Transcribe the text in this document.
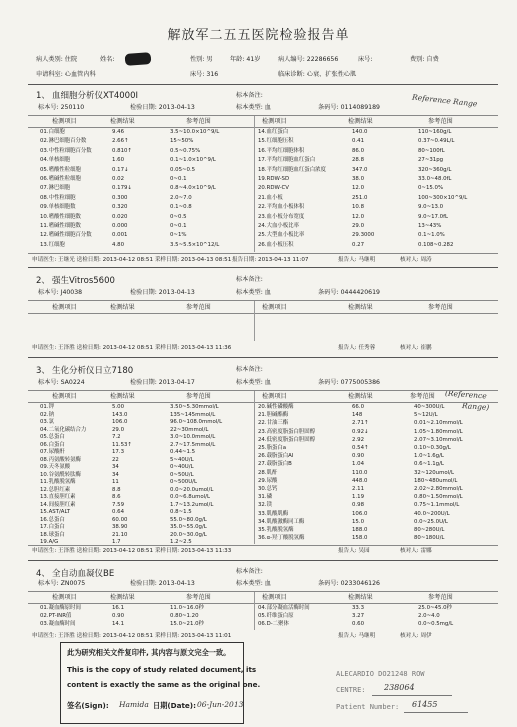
解放军二五五医院检验报告单
病人类别: 住院	姓名:	性别: 男	年龄: 41岁	病人编号: 22286656	床号:	费别: 自费
申请科室: 心血管内科	床号: 316	临床诊断: 心衰、扩张性心肌
1、 血细胞分析仪XT4000I	标本备注:
标本号: 250110	检验日期: 2013-04-13	标本类型: 血	条码号: 0114089189	Reference Range
检测项目	检测结果	参考范围	检测项目	检测结果	参考范围
01.白细胞	9.46	3.5~10.0×10^9/L
02.淋巴细胞百分数	2.66↑	15~50%
03.中性粒细胞百分数	0.810↑	0.5~0.75%
04.单核细胞	1.60	0.1~1.0×10^9/L
05.嗜酸性粒细胞	0.17↓	0.05~0.5
06.嗜碱性粒细胞	0.02	0~0.1
07.淋巴细胞	0.179↓	0.8~4.0×10^9/L
08.中性粒细胞	0.300	2.0~7.0
09.单核细胞数	0.320	0.1~0.8
10.嗜酸性细胞数	0.020	0~0.5
11.嗜碱性细胞数	0.000	0~0.1
12.嗜碱性细胞百分数	0.001	0~1%
13.红细胞	4.80	3.5~5.5×10^12/L
14.血红蛋白	140.0	110~160g/L
15.红细胞压积	0.41	0.37~0.49L/L
16.平均红细胞体积	86.0	80~100fL
17.平均红细胞血红蛋白	28.8	27~31pg
18.平均红细胞血红蛋白浓度	347.0	320~360g/L
19.RDW-SD	38.0	33.0~48.0fL
20.RDW-CV	12.0	0~15.0%
21.血小板	251.0	100~300×10^9/L
22.平均血小板体积	10.8	9.0~13.0
23.血小板分布宽度	12.0	9.0~17.0fL
24.大血小板比率	29.0	13~43%
25.大型血小板比率	29.3000	0.1~1.0%
26.血小板压积	0.27	0.108~0.282
申请医生: 王继光 送检日期: 2013-04-12 08:51 采样日期: 2013-04-13 08:51 报告日期: 2013-04-13 11:07	报告人: 马继明	核对人: 周涛
2、 强生Vitros5600	标本备注:
标本号: J40038	检验日期: 2013-04-13	标本类型: 血	条码号: 0444420619
检测项目	检测结果	参考范围	检测项目	检测结果	参考范围
申请医生: 王泽胜 送检日期: 2013-04-12 08:51 采样日期: 2013-04-13 11:36	报告人: 任秀蓉	核对人: 崔鹏
3、 生化分析仪日立7180	标本备注:
标本号: SA0224	检验日期: 2013-04-17	标本类型: 血	条码号: 0775005386
(Reference
Range)
检测项目	检测结果	参考范围	检测项目	检测结果	参考范围
01.钾	5.00	3.50~5.30mmol/L
02.钠	143.0	135~145mmol/L
03.氯	106.0	96.0~108.0mmol/L
04.二氧化碳结合力	29.0	22~30mmol/L
05.总蛋白	7.2	3.0~10.0mmol/L
06.白蛋白	11.53↑	2.7~17.5mmol/L
07.尿酸酐	17.3	0.44~1.5
08.丙氨酸转氨酶	22	5~40U/L
09.天冬氨酸	34	0~40U/L
10.谷氨酰转肽酶	34	0~50U/L
11.乳酸脱氢酶	11	0~500U/L
12.总胆红素	8.8	0.0~20.0umol/L
13.直接胆红素	8.6	0.0~6.8umol/L
14.间接胆红素	7.59	1.7~13.2umol/L
15.AST/ALT	0.64	0.8~1.5
16.总蛋白	60.00	55.0~80.0g/L
17.白蛋白	38.90	35.0~55.0g/L
18.球蛋白	21.10	20.0~30.0g/L
19.A/G	1.7	1.2~2.5
20.碱性磷酸酶	66.0	40~300U/L
21.胆碱酯酶	148	5~12U/L
22.甘油三酯	2.71↑	0.01~2.10mmol/L
23.高密度脂蛋白胆固醇	0.92↓	1.05~1.80mmol/L
24.低密度脂蛋白胆固醇	2.92	2.07~3.10mmol/L
25.脂蛋白a	0.54↑	0.10~0.30g/L
26.载脂蛋白AI	0.90	1.0~1.6g/L
27.载脂蛋白B	1.04	0.6~1.1g/L
28.肌酐	110.0	32~120umol/L
29.尿酸	448.0	180~480umol/L
30.总钙	2.11	2.02~2.80mmol/L
31.磷	1.19	0.80~1.50mmol/L
32.镁	0.98	0.75~1.1mmol/L
33.肌酸肌酶	106.0	40.0~200U/L
34.肌酸激酶同工酶	15.0	0.0~25.0U/L
35.乳酸脱氢酶	188.0	80~280U/L
36.α-羟丁酸脱氢酶	158.0	80~180U/L
申请医生: 王泽胜 送检日期: 2013-04-12 08:51 采样日期: 2013-04-13 11:33	报告人: 吴园	核对人: 雷娜
4、 全自动血凝仪BE	标本备注:
标本号: ZN0075	检验日期: 2013-04-13	标本类型: 血	条码号: 0233046126
检测项目	检测结果	参考范围	检测项目	检测结果	参考范围
01.凝血酶原时间	16.1	11.0~16.0秒
02.PT-INR值	0.90	0.80~1.20
03.凝血酶时间	14.1	15.0~21.0秒
04.部分凝血活酶时间	33.3	25.0~45.0秒
05.纤维蛋白原	3.27	2.0~4.0
06.D-二聚体	0.60	0.0~0.5mg/L
申请医生: 王泽胜 送检日期: 2013-04-12 08:51 采样日期: 2013-04-13 11:01	报告人: 马继明	核对人: 周伊
此为研究相关文件复印件, 其内容与原文完全一致。
This is the copy of study related document, its
content is exactly the same as the original one.
签名(Sign): Hamida 日期(Date): 06-Jun-2013
ALECARDIO DO21248 ROW
CENTRE: 238064
Patient Number: 61455
